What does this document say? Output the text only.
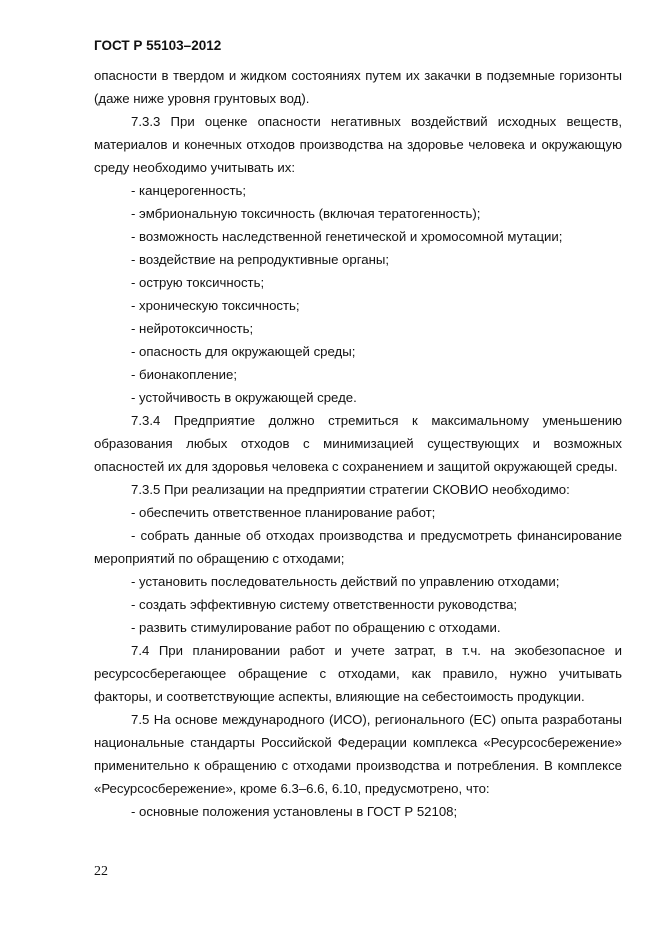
ГОСТ Р 55103–2012

опасности в твердом и жидком состояниях путем их закачки в подземные горизонты (даже ниже уровня грунтовых вод).

7.3.3 При оценке опасности негативных воздействий исходных веществ, материалов и конечных отходов производства на здоровье человека и окружающую среду необходимо учитывать их:

- канцерогенность;

- эмбриональную токсичность (включая тератогенность);

- возможность наследственной генетической и хромосомной мутации;

- воздействие на репродуктивные органы;

- острую токсичность;

- хроническую токсичность;

- нейротоксичность;

- опасность для окружающей среды;

- бионакопление;

- устойчивость в окружающей среде.

7.3.4 Предприятие должно стремиться к максимальному уменьшению образования любых отходов с минимизацией существующих и возможных опасностей их для здоровья человека с сохранением и защитой окружающей среды.

7.3.5 При реализации на предприятии стратегии СКОВИО необходимо:

- обеспечить ответственное планирование работ;

- собрать данные об отходах производства и предусмотреть финансирование мероприятий по обращению с отходами;

- установить последовательность действий по управлению отходами;

- создать эффективную систему ответственности руководства;

- развить стимулирование работ по обращению с отходами.

7.4 При планировании работ и учете затрат, в т.ч. на экобезопасное и ресурсосберегающее обращение с отходами, как правило, нужно учитывать факторы, и соответствующие аспекты, влияющие на себестоимость продукции.

7.5 На основе международного (ИСО), регионального (ЕС) опыта разработаны национальные стандарты Российской Федерации комплекса «Ресурсосбережение» применительно к обращению с отходами производства и потребления. В комплексе «Ресурсосбережение», кроме 6.3–6.6, 6.10, предусмотрено, что:

- основные положения установлены в ГОСТ Р 52108;

22
